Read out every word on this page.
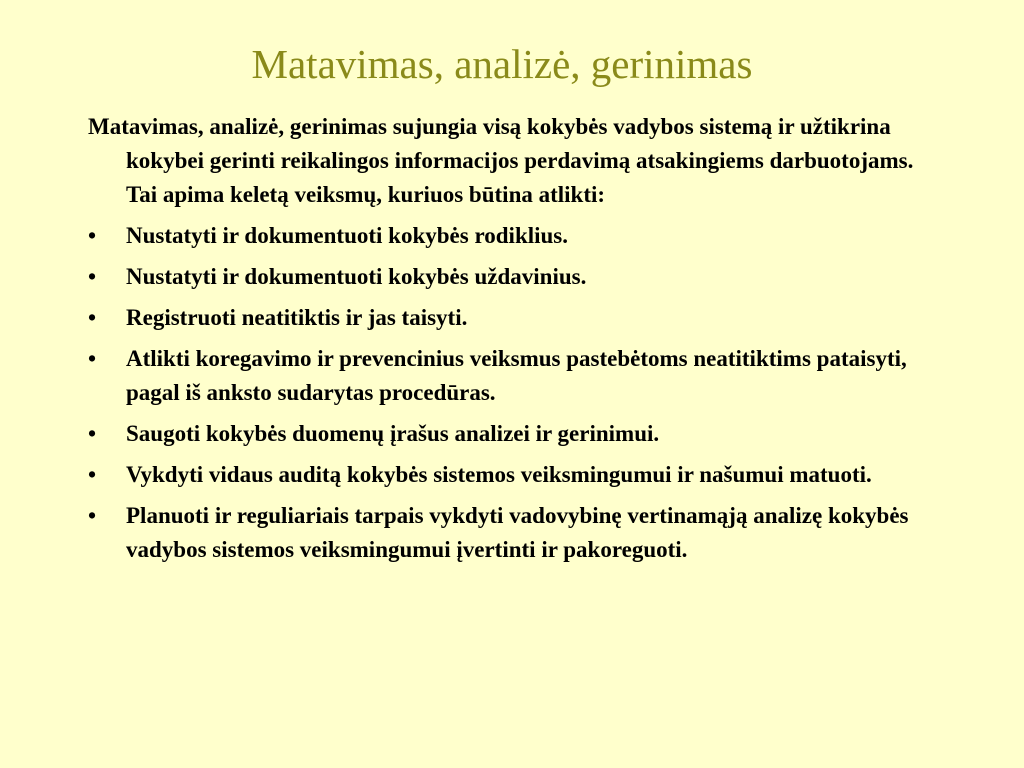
Matavimas, analizė, gerinimas

Matavimas, analizė, gerinimas sujungia visą kokybės vadybos sistemą ir užtikrina kokybei gerinti reikalingos informacijos perdavimą atsakingiems darbuotojams. Tai apima keletą veiksmų, kuriuos būtina atlikti:

•	Nustatyti ir dokumentuoti kokybės rodiklius.
•	Nustatyti ir dokumentuoti kokybės uždavinius.
•	Registruoti neatitiktis ir jas taisyti.
•	Atlikti koregavimo ir prevencinius veiksmus pastebėtoms neatitiktims pataisyti, pagal iš anksto sudarytas procedūras.
•	Saugoti kokybės duomenų įrašus analizei ir gerinimui.
•	Vykdyti vidaus auditą kokybės sistemos veiksmingumui ir našumui matuoti.
•	Planuoti ir reguliariais tarpais vykdyti vadovybinę vertinamąją analizę kokybės vadybos sistemos veiksmingumui įvertinti ir pakoreguoti.
